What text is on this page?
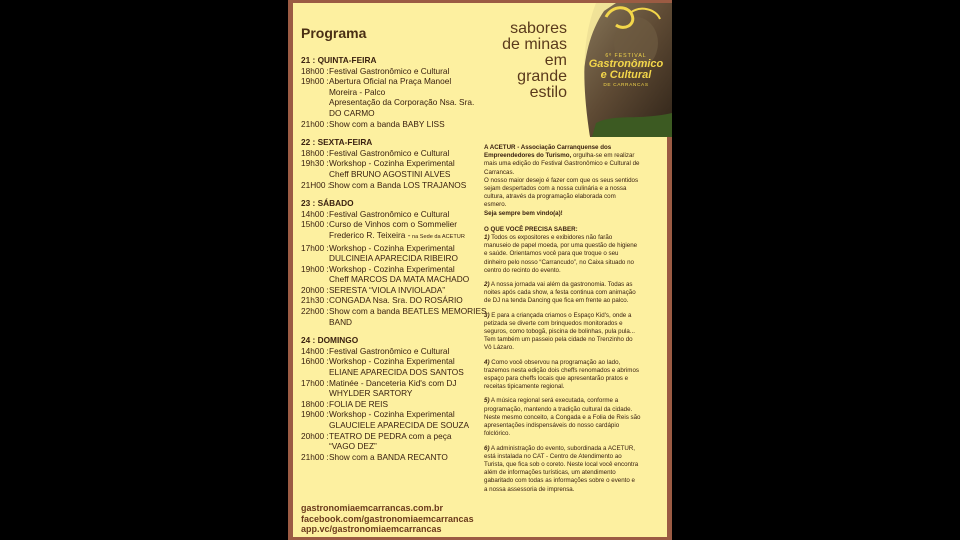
Programa
21 : QUINTA-FEIRA
18h00 : Festival Gastronômico e Cultural
19h00 : Abertura Oficial na Praça Manoel
Moreira - Palco
Apresentação da Corporação Nsa. Sra.
DO CARMO
21h00 : Show com a banda BABY LISS
22 : SEXTA-FEIRA
18h00 : Festival Gastronômico e Cultural
19h30 : Workshop - Cozinha Experimental
Cheff BRUNO AGOSTINI ALVES
21H00 :
Show com a Banda LOS TRAJANOS
23 : SÁBADO
14h00 : Festival Gastronômico e Cultural
15h00 : Curso de Vinhos com o Sommelier
Frederico R. Teixeira - na Sede da ACETUR
17h00 : Workshop - Cozinha Experimental
DULCINEIA APARECIDA RIBEIRO
19h00 : Workshop - Cozinha Experimental
Cheff MARCOS DA MATA MACHADO
20h00 : SERESTA “VIOLA INVIOLADA”
21h30 : CONGADA Nsa. Sra. DO ROSÁRIO
22h00 : Show com a banda BEATLES MEMORIES
BAND
24 : DOMINGO
14h00 : Festival Gastronômico e Cultural
16h00 : Workshop - Cozinha Experimental
ELIANE APARECIDA DOS SANTOS
17h00 : Matinée - Danceteria Kid's com DJ
WHYLDER SARTORY
18h00 : FOLIA DE REIS
19h00 : Workshop - Cozinha Experimental
GLAUCIELE APARECIDA DE SOUZA
20h00 : TEATRO DE PEDRA com a peça
“VAGO DEZ”
21h00 : Show com a BANDA RECANTO
gastronomiaemcarrancas.com.br
facebook.com/gastronomiaemcarrancas
app.vc/gastronomiaemcarrancas
sabores
de minas
em
grande
estilo
6º FESTIVAL
Gastronômico
e Cultural
DE CARRANCAS
A ACETUR - Associação Carranquense dos
Empreendedores do Turismo, orgulha-se em realizar
mais uma edição do Festival Gastronômico e Cultural de
Carrancas.
O nosso maior desejo é fazer com que os seus sentidos
sejam despertados com a nossa culinária e a nossa
cultura, através da programação elaborada com
esmero.
Seja sempre bem vindo(a)!
O QUE VOCÊ PRECISA SABER:
1) Todos os expositores e exibidores não farão
manuseio de papel moeda, por uma questão de higiene
e saúde. Orientamos você para que troque o seu
dinheiro pelo nosso “Carrancudo”, no Caixa situado no
centro do recinto do evento.
2) A nossa jornada vai além da gastronomia. Todas as
noites após cada show, a festa continua com animação
de DJ na tenda Dancing que fica em frente ao palco.
3) E para a criançada criamos o Espaço Kid's, onde a
petizada se diverte com brinquedos monitorados e
seguros, como tobogã, piscina de bolinhas, pula pula...
Tem também um passeio pela cidade no Trenzinho do
Vô Lázaro.
4) Como você observou na programação ao lado,
trazemos nesta edição dois cheffs renomados e abrimos
espaço para cheffs locais que apresentarão pratos e
receitas tipicamente regional.
5) A música regional será executada, conforme a
programação, mantendo a tradição cultural da cidade.
Neste mesmo conceito, a Congada e a Folia de Reis são
apresentações indispensáveis do nosso cardápio
folclórico.
6) A administração do evento, subordinada a ACETUR,
está instalada no CAT - Centro de Atendimento ao
Turista, que fica sob o coreto. Neste local você encontra
além de informações turísticas, um atendimento
gabaritado com todas as informações sobre o evento e
a nossa assessoria de imprensa.
